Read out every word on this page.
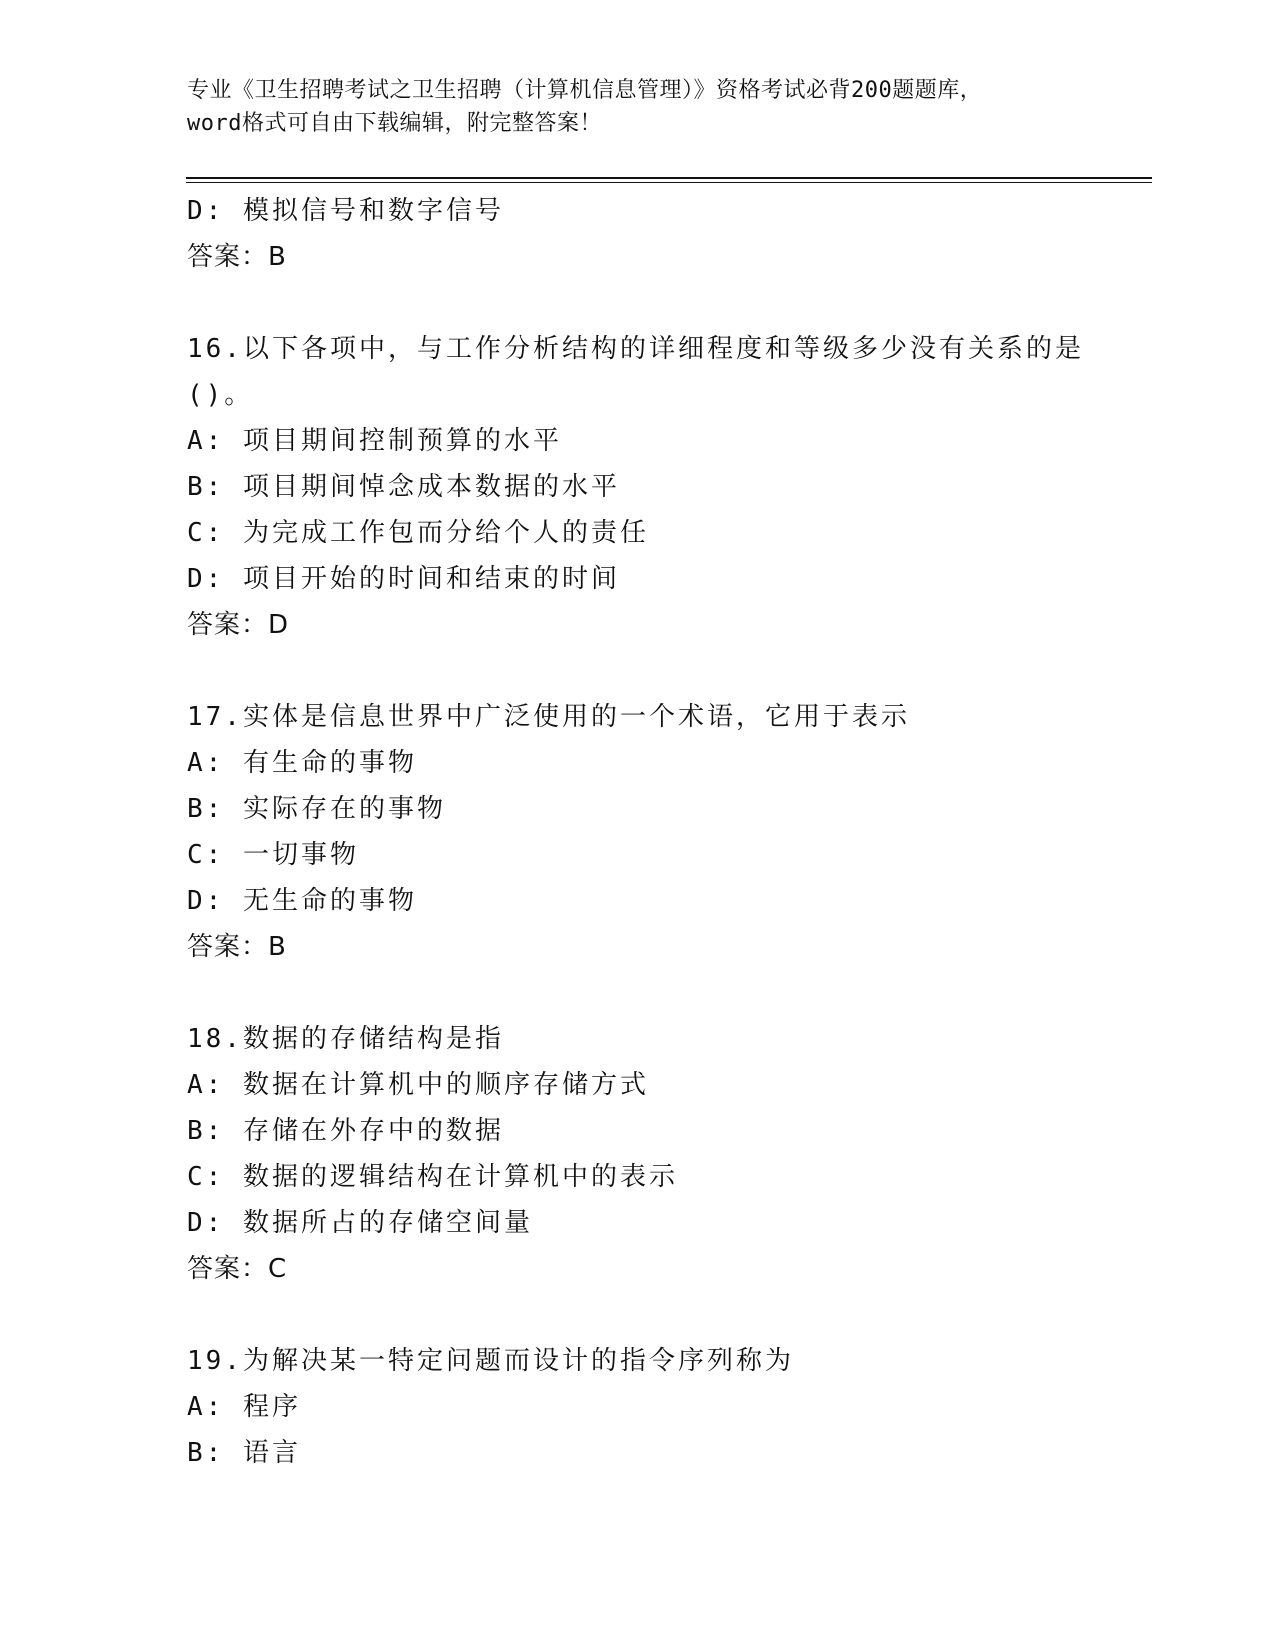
专业《卫生招聘考试之卫生招聘（计算机信息管理）》资格考试必背200题题库，
word格式可自由下载编辑，附完整答案！
D: 模拟信号和数字信号
答案：B
16.以下各项中，与工作分析结构的详细程度和等级多少没有关系的是
()。
A: 项目期间控制预算的水平
B: 项目期间悼念成本数据的水平
C: 为完成工作包而分给个人的责任
D: 项目开始的时间和结束的时间
答案：D
17.实体是信息世界中广泛使用的一个术语，它用于表示
A: 有生命的事物
B: 实际存在的事物
C: 一切事物
D: 无生命的事物
答案：B
18.数据的存储结构是指
A: 数据在计算机中的顺序存储方式
B: 存储在外存中的数据
C: 数据的逻辑结构在计算机中的表示
D: 数据所占的存储空间量
答案：C
19.为解决某一特定问题而设计的指令序列称为
A: 程序
B: 语言
